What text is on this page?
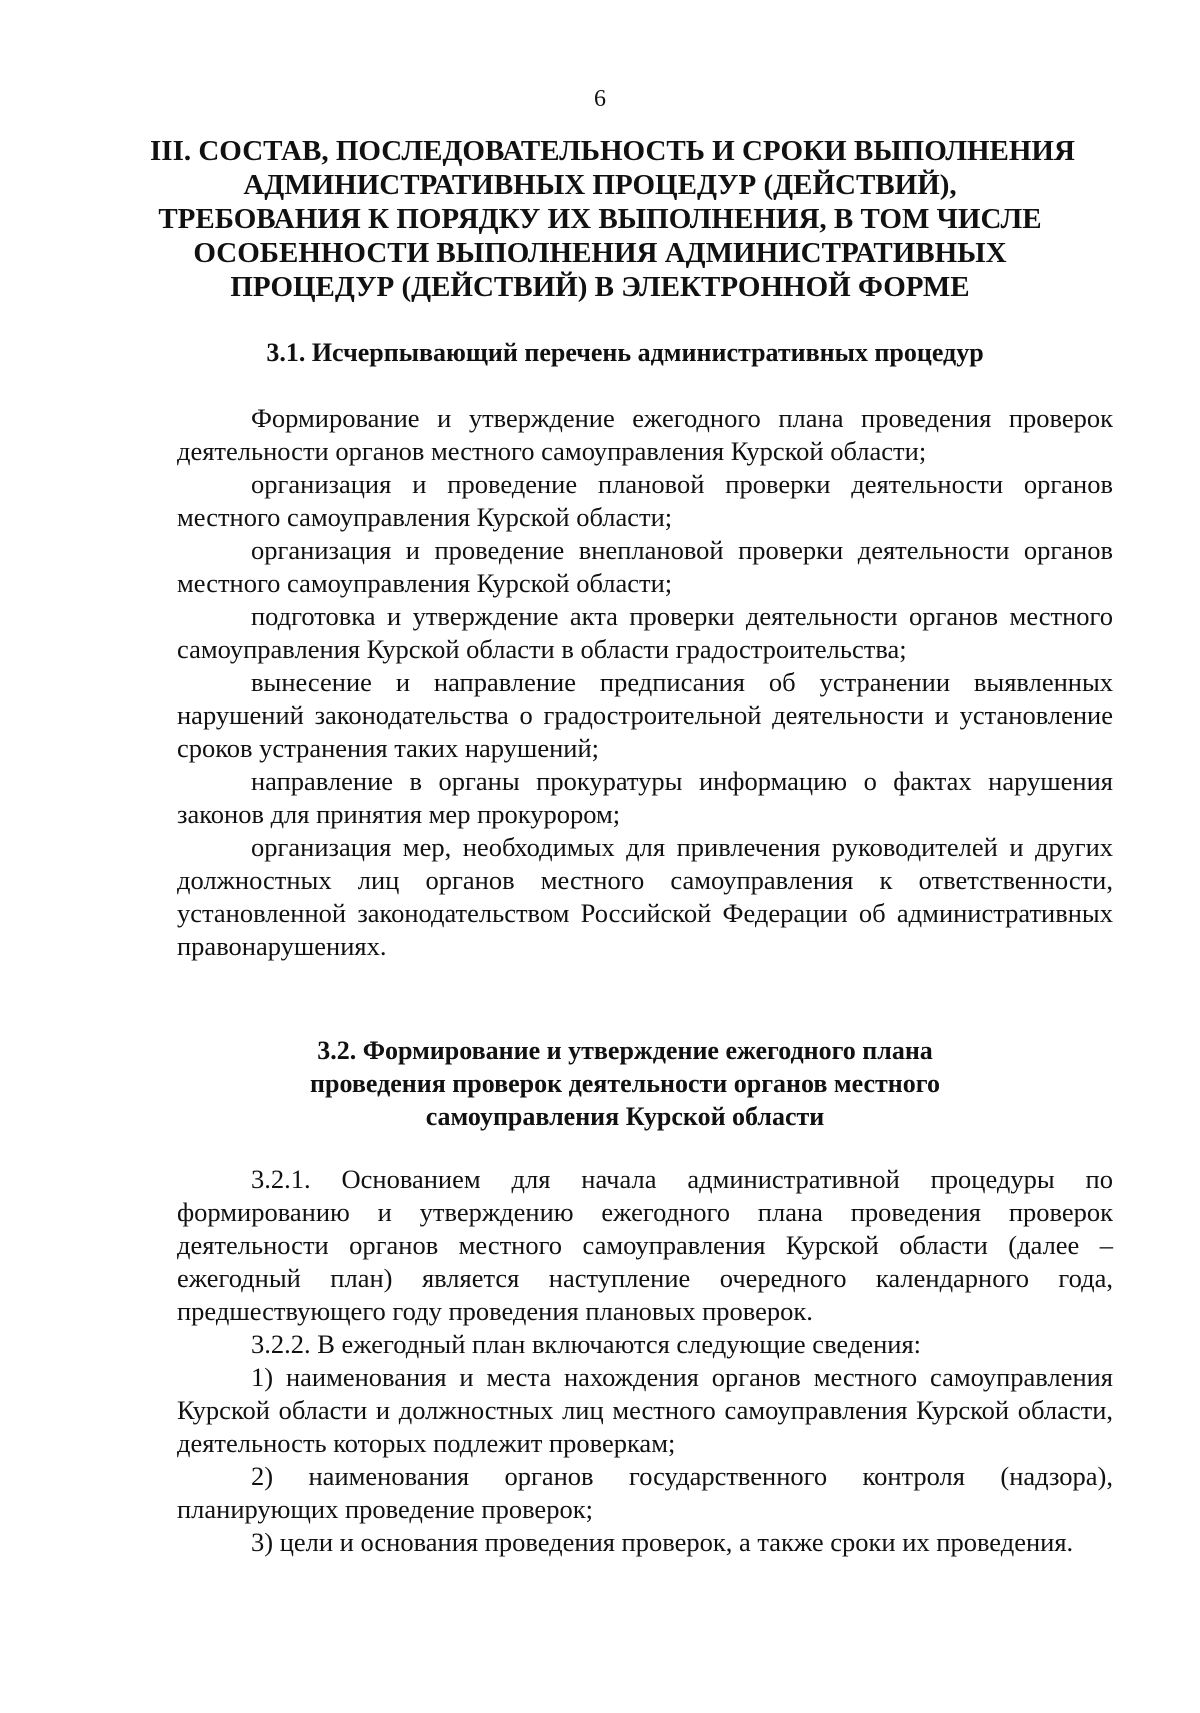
6
III. СОСТАВ, ПОСЛЕДОВАТЕЛЬНОСТЬ И СРОКИ ВЫПОЛНЕНИЯ
АДМИНИСТРАТИВНЫХ ПРОЦЕДУР (ДЕЙСТВИЙ),
ТРЕБОВАНИЯ К ПОРЯДКУ ИХ ВЫПОЛНЕНИЯ, В ТОМ ЧИСЛЕ
ОСОБЕННОСТИ ВЫПОЛНЕНИЯ АДМИНИСТРАТИВНЫХ
ПРОЦЕДУР (ДЕЙСТВИЙ) В ЭЛЕКТРОННОЙ ФОРМЕ
3.1. Исчерпывающий перечень административных процедур

Формирование и утверждение ежегодного плана проведения проверок деятельности органов местного самоуправления Курской области;

организация и проведение плановой проверки деятельности органов местного самоуправления Курской области;

организация и проведение внеплановой проверки деятельности органов местного самоуправления Курской области;

подготовка и утверждение акта проверки деятельности органов местного самоуправления Курской области в области градостроительства;

вынесение и направление предписания об устранении выявленных нарушений законодательства о градостроительной деятельности и установление сроков устранения таких нарушений;

направление в органы прокуратуры информацию о фактах нарушения законов для принятия мер прокурором;

организация мер, необходимых для привлечения руководителей и других должностных лиц органов местного самоуправления к ответственности, установленной законодательством Российской Федерации об административных правонарушениях.

3.2. Формирование и утверждение ежегодного плана
проведения проверок деятельности органов местного
самоуправления Курской области

3.2.1. Основанием для начала административной процедуры по формированию и утверждению ежегодного плана проведения проверок деятельности органов местного самоуправления Курской области (далее – ежегодный план) является наступление очередного календарного года, предшествующего году проведения плановых проверок.

3.2.2. В ежегодный план включаются следующие сведения:

1) наименования и места нахождения органов местного самоуправления Курской области и должностных лиц местного самоуправления Курской области, деятельность которых подлежит проверкам;

2) наименования органов государственного контроля (надзора), планирующих проведение проверок;

3) цели и основания проведения проверок, а также сроки их проведения.
